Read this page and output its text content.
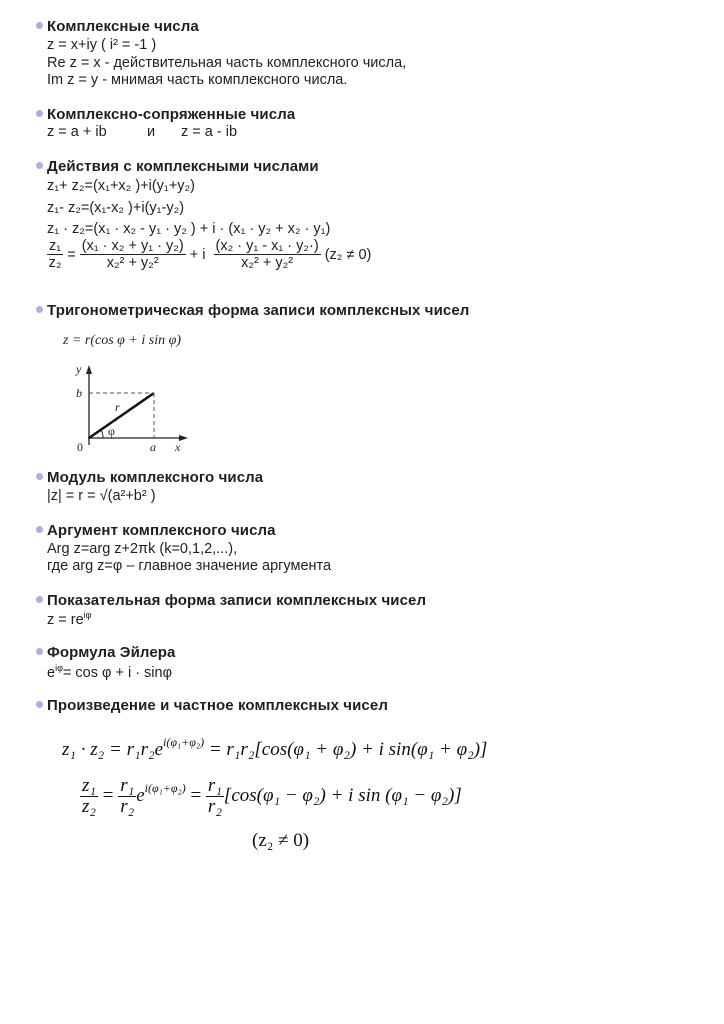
Комплексные числа
z = x+iy ( i² = -1 )
Re z = x - действительная часть комплексного числа,
Im z = y - мнимая часть комплексного числа.
Комплексно-сопряженные числа
z = a + ib	и z = a - ib
Действия с комплексными числами
z₁+ z₂=(x₁+x₂ )+i(y₁+y₂)
z₁- z₂=(x₁-x₂ )+i(y₁-y₂)
z₁ · z₂=(x₁ · x₂ - y₁ · y₂ ) + i · (x₁ · y₂ + x₂ · y₁)
$\frac{\text{z₁}}{\text{z₂}} = \frac{\text{(x₁ · x₂ + y₁ · y₂)}}{\text{x₂² + y₂²}} + i \frac{\text{(x₂ · y₁ - x₁ · y₂·)}}{\text{x₂² + y₂²}} (z_2 \ne 0)$
Тригонометрическая форма записи комплексных чисел
z = r(cos φ + i sin φ)
y
b
r
φ
0	a x
Модуль комплексного числа
|z| = r = √(a²+b² )
Аргумент комплексного числа
Arg z=arg z+2πk (k=0,1,2,...),
где arg z=φ – главное значение аргумента
Показательная форма записи комплексных чисел
$z = re^{i\varphi}$
Формула Эйлера
$e^{i\varphi}= \cos \varphi + i \cdot \sin\varphi$
Произведение и частное комплексных чисел
$z_1 \cdot z_2 = r_1r_2e^{i(\varphi_1+\varphi_2)} = r_1r_2[\cos(\varphi_1 + \varphi_2) + i$ sin(φ₁ + φ₂)]
$\frac{\text{z₁}}{\text{z₂}} = \frac{\text{r₁}}{\text{r₂}} e^{i(\varphi_1+\varphi_2)} = \frac{\text{r₁}}{\text{r₂}} [\cos(\varphi_1 - \varphi_2) + i$ sin (φ₁ − φ₂)]
(z₂ ≠ 0)
